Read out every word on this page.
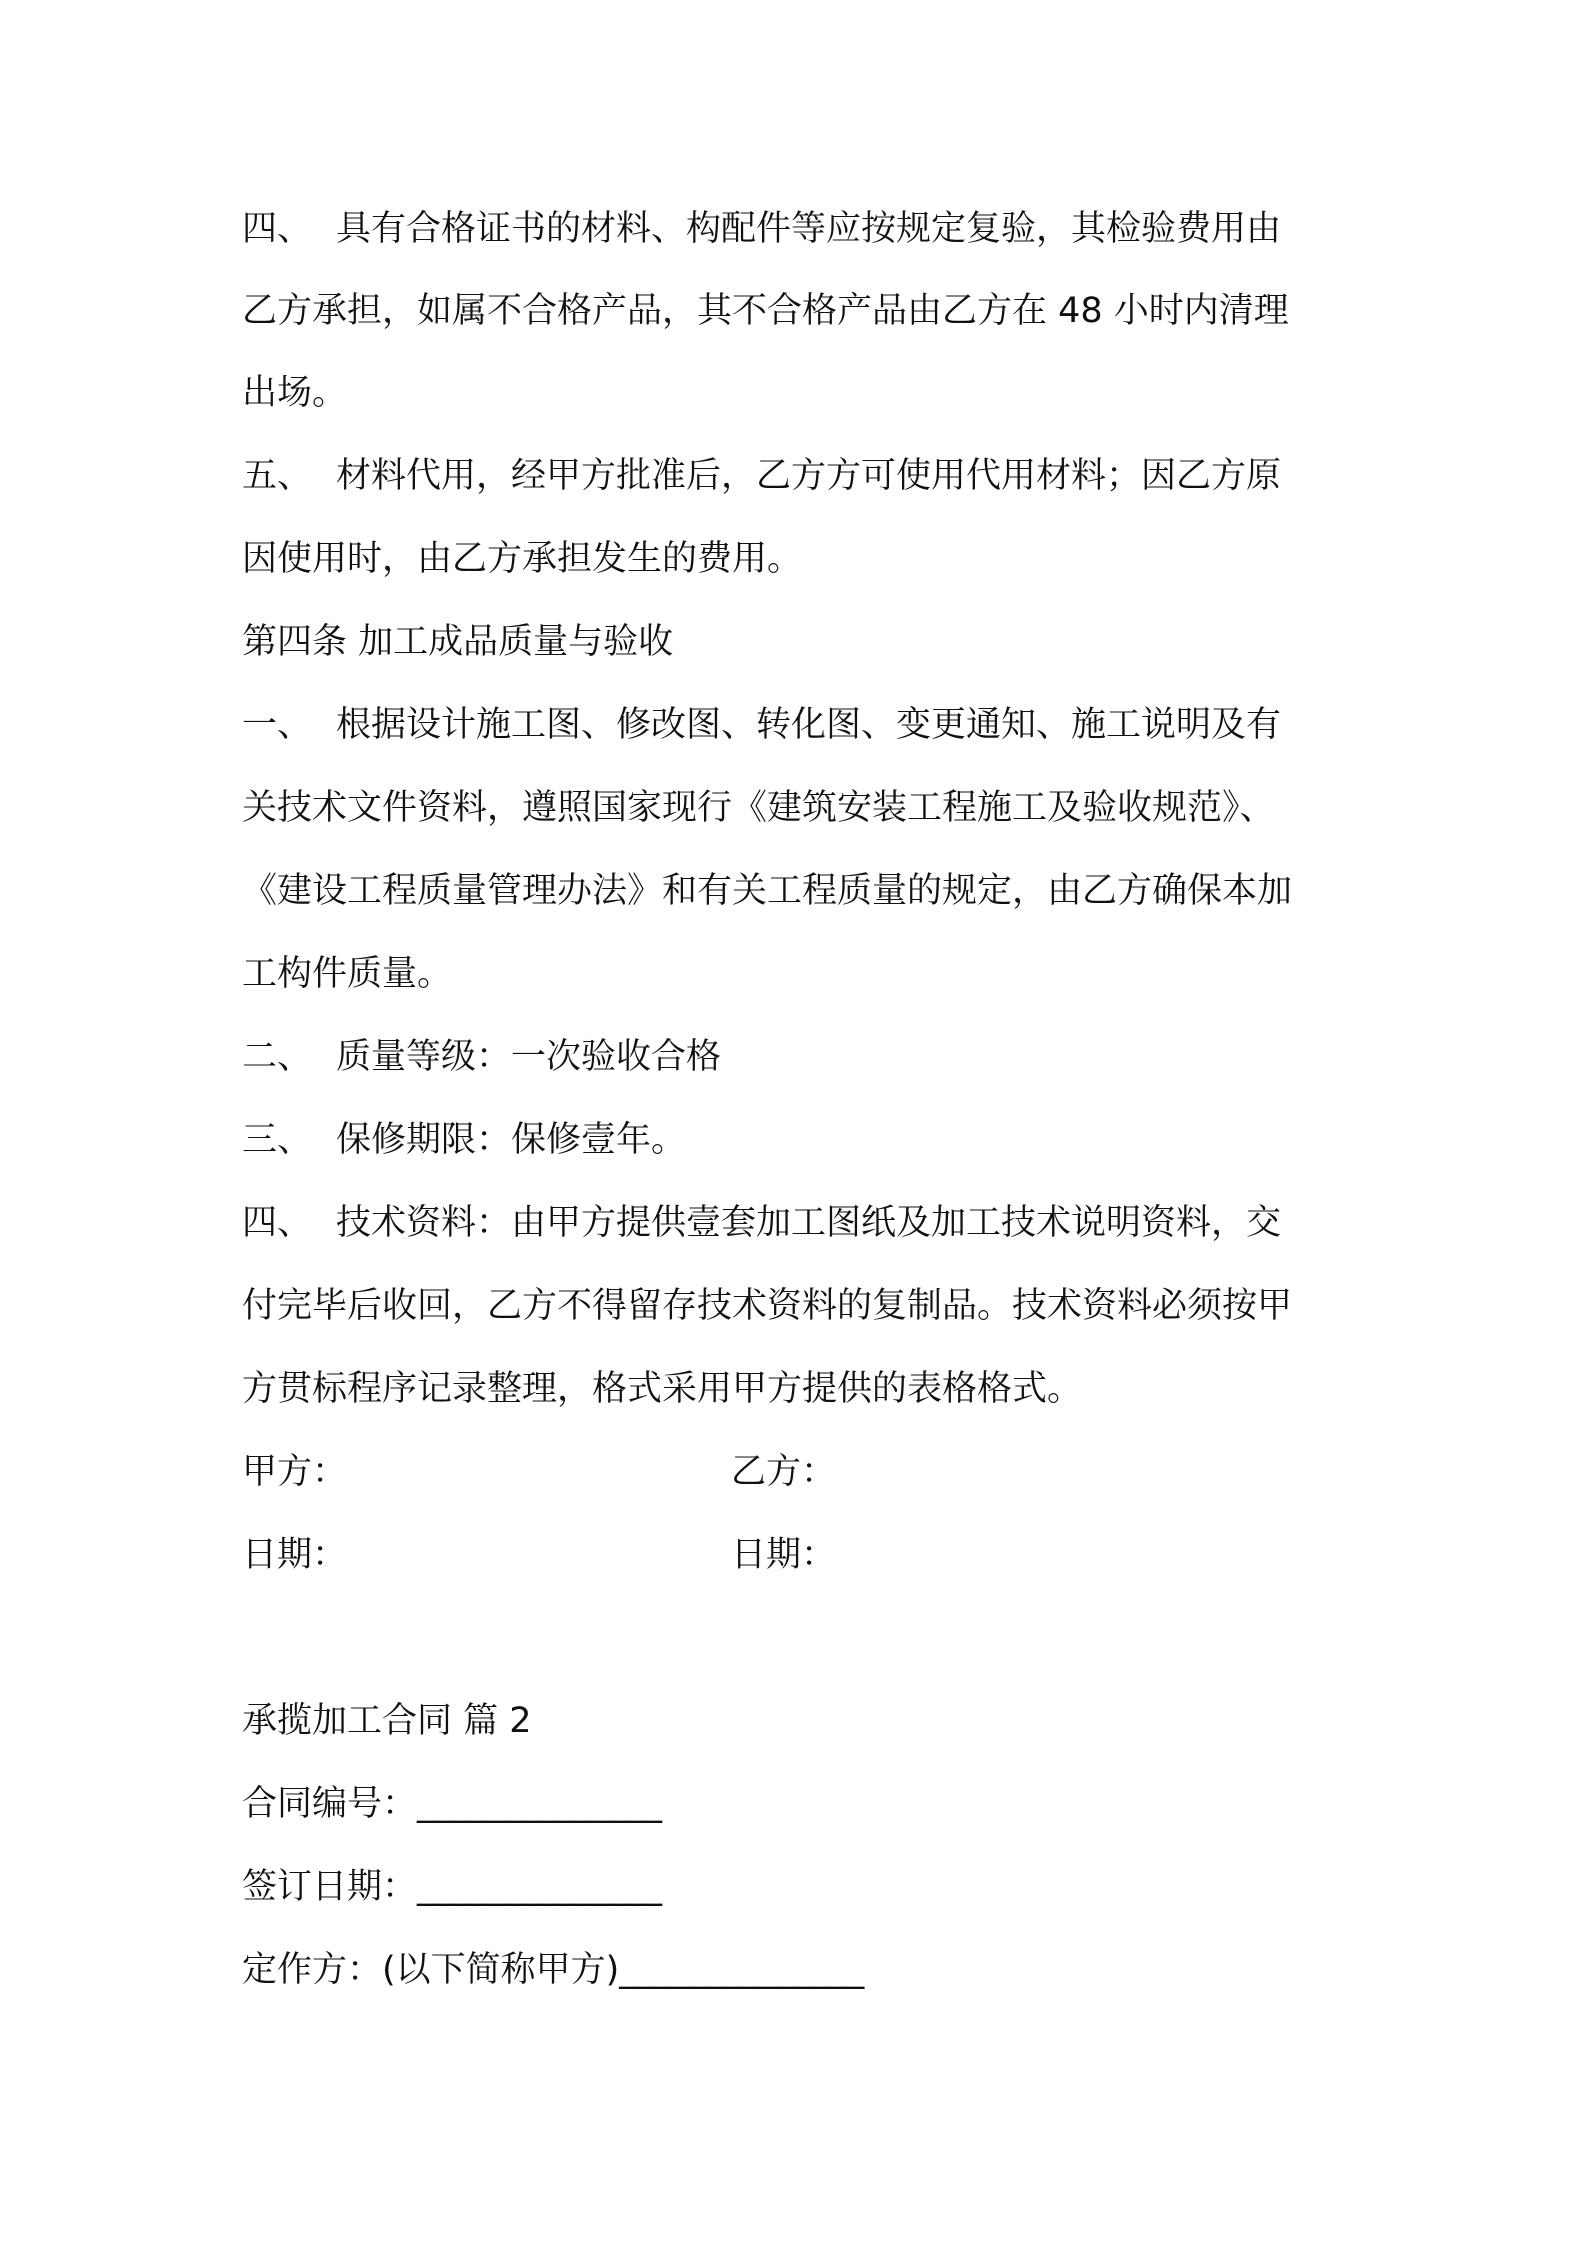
四、 具有合格证书的材料、构配件等应按规定复验，其检验费用由
乙方承担，如属不合格产品，其不合格产品由乙方在 48 小时内清理
出场。
五、 材料代用，经甲方批准后，乙方方可使用代用材料；因乙方原
因使用时，由乙方承担发生的费用。
第四条 加工成品质量与验收
一、 根据设计施工图、修改图、转化图、变更通知、施工说明及有
关技术文件资料，遵照国家现行《建筑安装工程施工及验收规范》、
《建设工程质量管理办法》和有关工程质量的规定，由乙方确保本加
工构件质量。
二、 质量等级：一次验收合格
三、 保修期限：保修壹年。
四、 技术资料：由甲方提供壹套加工图纸及加工技术说明资料，交
付完毕后收回，乙方不得留存技术资料的复制品。技术资料必须按甲
方贯标程序记录整理，格式采用甲方提供的表格格式。
甲方：	乙方：
日期：	日期：
承揽加工合同 篇 2
合同编号：______________
签订日期：______________
定作方：(以下简称甲方)______________
